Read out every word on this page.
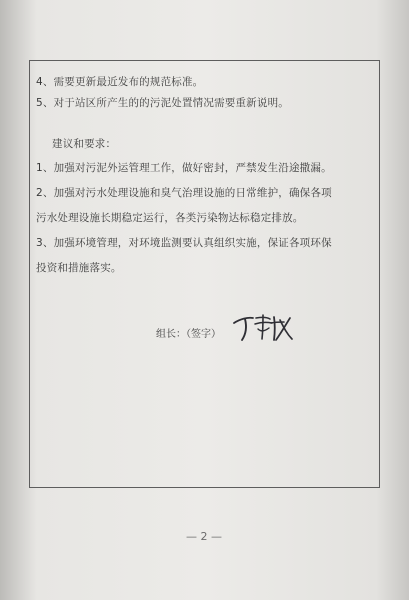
4、需要更新最近发布的规范标准。
5、对于站区所产生的的污泥处置情况需要重新说明。
建议和要求：
1、加强对污泥外运管理工作，做好密封，严禁发生沿途撒漏。
2、加强对污水处理设施和臭气治理设施的日常维护，确保各项
污水处理设施长期稳定运行，各类污染物达标稳定排放。
3、加强环境管理，对环境监测要认真组织实施，保证各项环保
投资和措施落实。
组长：（签字）
— 2 —
